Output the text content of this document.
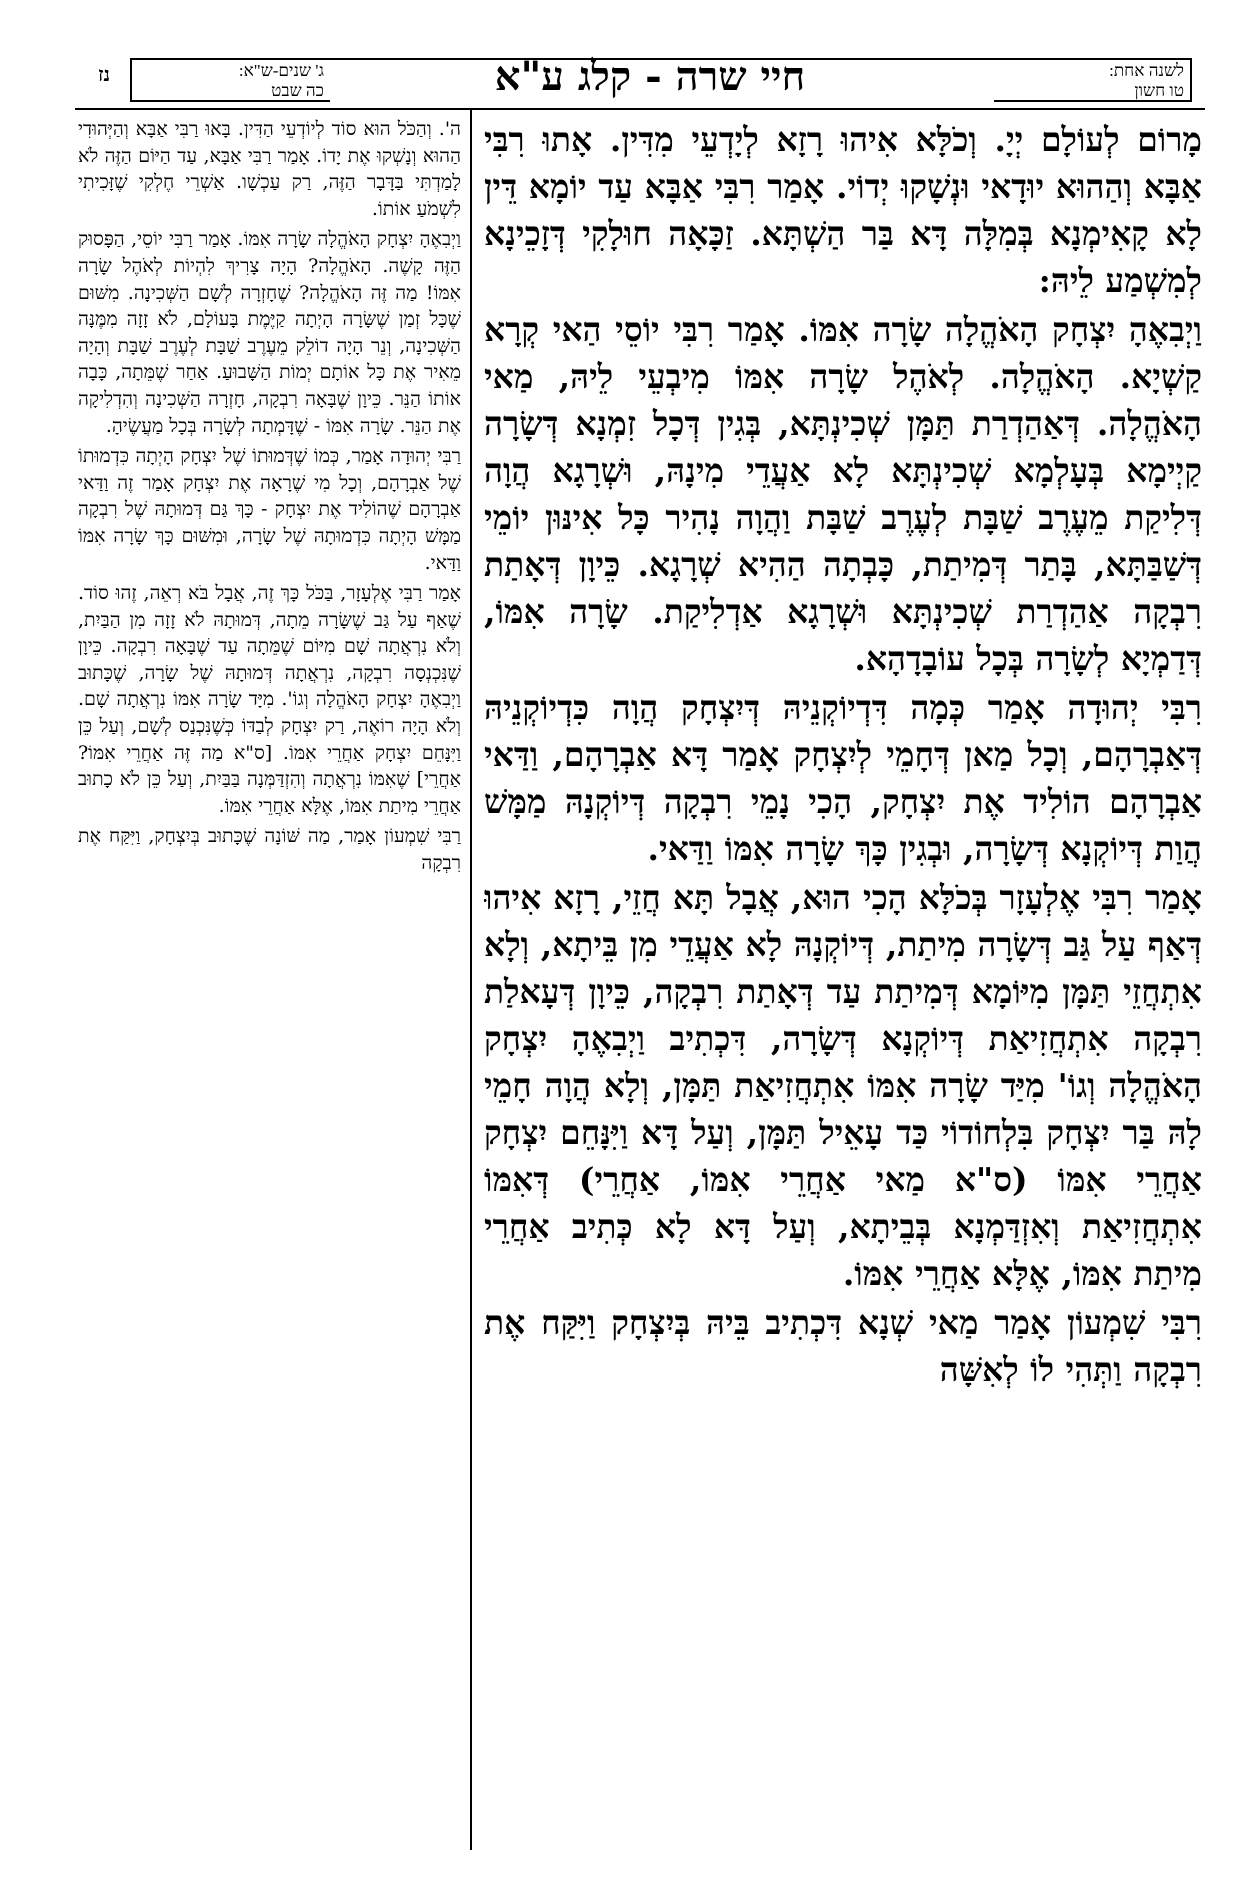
לשנה אחת:
טו חשון
חיי שרה - קלג ע"א
ג' שנים-ש"א:
כה שבט
נז

מָרוֹם לְעוֹלָם יְיָ. וְכֹלָּא אִיהוּ רָזָא לְיָדְעֵי מִדִּין. אָתוּ רִבִּי אַבָּא וְהַהוּא יוּדָאי וּנְשָׁקוּ יְדוֹי. אָמַר רִבִּי אַבָּא עַד יוֹמָא דֵּין לָא קָאִימְנָא בְּמִלָּה דָּא בַּר הַשְׁתָּא. זַכָּאָה חוּלָקִי דְּזָכֵינָא לְמִשְׁמַע לֵיהּ:

וַיְבִאֶהָ יִצְחָק הָאֹהֱלָה שָׂרָה אִמּוֹ. אָמַר רִבִּי יוֹסֵי הַאי קְרָא קַשְׁיָא. הָאֹהֱלָה. לְאֹהֶל שָׂרָה אִמּוֹ מִיבְעֵי לֵיהּ, מַאי הָאֹהֱלָה. דְּאַהַדְרַת תַּמָּן שְׁכִינְתָּא, בְּגִין דְּכָל זִמְנָא דְּשָׂרָה קַיְימָא בְּעָלְמָא שְׁכִינְתָּא לָא אַעֲדֵי מִינָהּ, וּשְׁרָגָא הֲוָה דְּלִיקַת מֵעֶרֶב שַׁבָּת לְעֶרֶב שַׁבָּת וַהֲוָה נָהִיר כָּל אִינּוּן יוֹמֵי דְּשַׁבַּתָּא, בָּתַר דְּמִיתַת, כָּבְתָה הַהִיא שְׁרָגָא. כֵּיוָן דְּאָתַת רִבְקָה אַהַדְרַת שְׁכִינְתָּא וּשְׁרָגָא אַדְלִיקַת. שָׂרָה אִמּוֹ, דְּדַמְיָא לְשָׂרָה בְּכָל עוֹבָדָהָא.

רִבִּי יְהוּדָה אָמַר כְּמָה דִּדְיוֹקְנֵיהּ דְּיִצְחָק הֲוָה כִּדְיוֹקְנֵיהּ דְּאַבְרָהָם, וְכָל מַאן דְּחָמֵי לְיִצְחָק אָמַר דָּא אַבְרָהָם, וַדַּאי אַבְרָהָם הוֹלִיד אֶת יִצְחָק, הָכִי נָמֵי רִבְקָה דְּיוֹקְנָהּ מַמָּשׁ הֲוַת דְּיוֹקְנָא דְּשָׂרָה, וּבְגִין כָּךְ שָׂרָה אִמּוֹ וַדַּאי.

אָמַר רִבִּי אֶלְעָזָר בְּכֹלָּא הָכִי הוּא, אֲבָל תָּא חֲזֵי, רָזָא אִיהוּ דְּאַף עַל גַּב דְּשָׂרָה מִיתַת, דְּיוֹקְנָהּ לָא אַעֲדֵי מִן בֵּיתָא, וְלָא אִתְחֲזֵי תַּמָּן מִיּוֹמָא דְּמִיתַת עַד דְּאָתַת רִבְקָה, כֵּיוָן דְּעָאלַת רִבְקָה אִתְחֲזִיאַת דְּיוֹקְנָא דְּשָׂרָה, דִּכְתִיב וַיְבִאֶהָ יִצְחָק הָאֹהֱלָה וְגוֹ' מִיַּד שָׂרָה אִמּוֹ אִתְחֲזִיאַת תַּמָּן, וְלָא הֲוָה חָמֵי לָהּ בַּר יִצְחָק בִּלְחוֹדוֹי כַּד עָאֵיל תַּמָּן, וְעַל דָּא וַיִּנָּחֵם יִצְחָק אַחֲרֵי אִמּוֹ (ס"א מַאי אַחֲרֵי אִמּוֹ, אַחֲרֵי) דְּאִמּוֹ אִתְחֲזִיאַת וְאִזְדַּמְנָא בְּבֵיתָא, וְעַל דָּא לָא כְּתִיב אַחֲרֵי מִיתַת אִמּוֹ, אֶלָּא אַחֲרֵי אִמּוֹ.

רִבִּי שִׁמְעוֹן אָמַר מַאי שְׁנָא דִּכְתִיב בֵּיהּ בְּיִצְחָק וַיִּקַּח אֶת רִבְקָה וַתְּהִי לוֹ לְאִשָּׁה

ה'. וְהַכֹּל הוּא סוֹד לְיוֹדְעֵי הַדִּין. בָּאוּ רַבִּי אַבָּא וְהַיְּהוּדִי הַהוּא וְנָשְׁקוּ אֶת יָדוֹ. אָמַר רַבִּי אַבָּא, עַד הַיּוֹם הַזֶּה לֹא לָמַדְתִּי בַּדָּבָר הַזֶּה, רַק עַכְשָׁו. אַשְׁרֵי חֶלְקִי שֶׁזָּכִיתִי לִשְׁמֹעַ אוֹתוֹ.

וַיְבִאֶהָ יִצְחָק הָאֹהֱלָה שָׂרָה אִמּוֹ. אָמַר רַבִּי יוֹסֵי, הַפָּסוּק הַזֶּה קָשֶׁה. הָאֹהֱלָה? הָיָה צָרִיךְ לִהְיוֹת לְאֹהֶל שָׂרָה אִמּוֹ! מַה זֶּה הָאֹהֱלָה? שֶׁחָזְרָה לְשָׁם הַשְּׁכִינָה. מִשּׁוּם שֶׁכָּל זְמַן שֶׁשָּׂרָה הָיְתָה קַיֶּמֶת בָּעוֹלָם, לֹא זָזָה מִמֶּנָּה הַשְּׁכִינָה, וְנֵר הָיָה דוֹלֵק מֵעֶרֶב שַׁבָּת לְעֶרֶב שַׁבָּת וְהָיָה מֵאִיר אֶת כָּל אוֹתָם יְמוֹת הַשָּׁבוּעַ. אַחַר שֶׁמֵּתָה, כָּבָה אוֹתוֹ הַנֵּר. כֵּיוָן שֶׁבָּאָה רִבְקָה, חָזְרָה הַשְּׁכִינָה וְהִדְלִיקָה אֶת הַנֵּר. שָׂרָה אִמּוֹ - שֶׁדָּמְתָה לְשָׂרָה בְּכָל מַעֲשֶׂיהָ.

רַבִּי יְהוּדָה אָמַר, כְּמוֹ שֶׁדְּמוּתוֹ שֶׁל יִצְחָק הָיְתָה כִּדְמוּתוֹ שֶׁל אַבְרָהָם, וְכָל מִי שֶׁרָאָה אֶת יִצְחָק אָמַר זֶה וַדַּאי אַבְרָהָם שֶׁהוֹלִיד אֶת יִצְחָק - כָּךְ גַּם דְּמוּתָהּ שֶׁל רִבְקָה מַמָּשׁ הָיְתָה כִּדְמוּתָהּ שֶׁל שָׂרָה, וּמִשּׁוּם כָּךְ שָׂרָה אִמּוֹ וַדַּאי.

אָמַר רַבִּי אֶלְעָזָר, בַּכֹּל כָּךְ זֶה, אֲבָל בֹּא רְאֵה, זֶהוּ סוֹד. שֶׁאַף עַל גַּב שֶׁשָּׂרָה מֵתָה, דְּמוּתָהּ לֹא זָזָה מִן הַבַּיִת, וְלֹא נִרְאֲתָה שָׁם מִיּוֹם שֶׁמֵּתָה עַד שֶׁבָּאָה רִבְקָה. כֵּיוָן שֶׁנִּכְנְסָה רִבְקָה, נִרְאֲתָה דְּמוּתָהּ שֶׁל שָׂרָה, שֶׁכָּתוּב וַיְבִאֶהָ יִצְחָק הָאֹהֱלָה וְגוֹ'. מִיָּד שָׂרָה אִמּוֹ נִרְאֲתָה שָׁם. וְלֹא הָיָה רוֹאֶה, רַק יִצְחָק לְבַדּוֹ כְּשֶׁנִּכְנַס לְשָׁם, וְעַל כֵּן וַיִּנָּחֵם יִצְחָק אַחֲרֵי אִמּוֹ. [ס"א מַה זֶּה אַחֲרֵי אִמּוֹ? אַחֲרֵי] שֶׁאִמּוֹ נִרְאֲתָה וְהִזְדַּמְּנָה בַּבַּיִת, וְעַל כֵּן לֹא כָתוּב אַחֲרֵי מִיתַת אִמּוֹ, אֶלָּא אַחֲרֵי אִמּוֹ.

רַבִּי שִׁמְעוֹן אָמַר, מַה שּׁוֹנָה שֶׁכָּתוּב בְּיִצְחָק, וַיִּקַּח אֶת רִבְקָה
